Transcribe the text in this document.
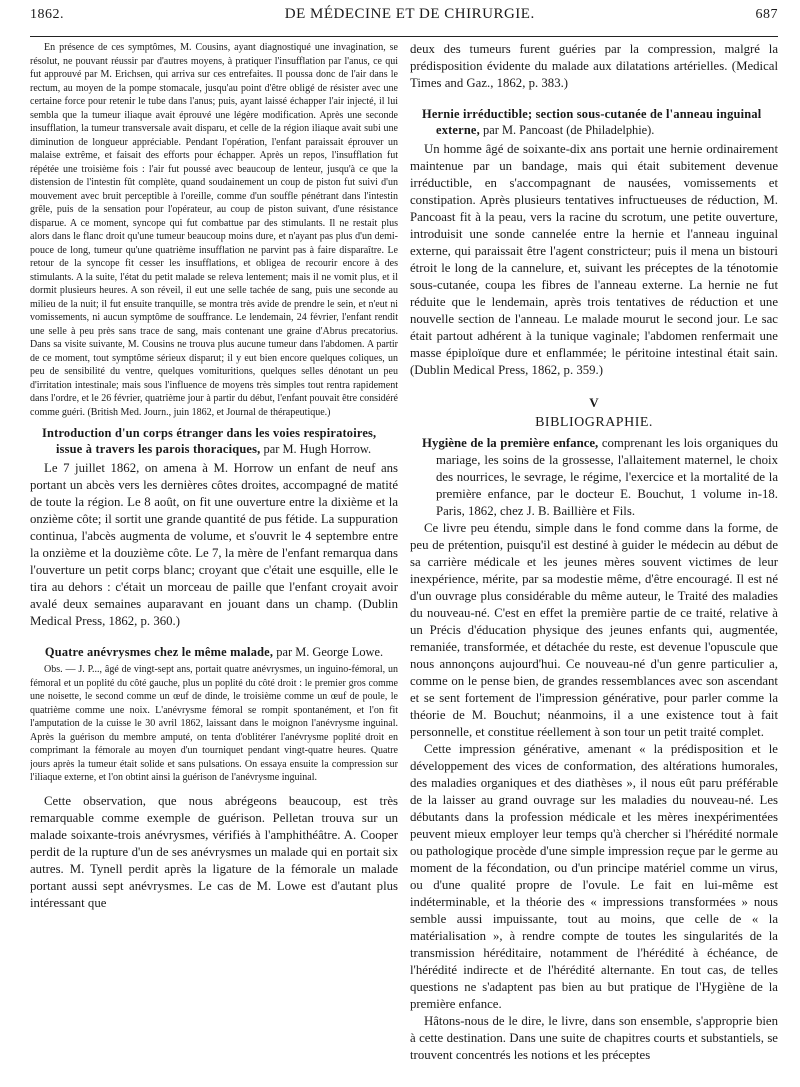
1862.	DE MÉDECINE ET DE CHIRURGIE.	687

En présence de ces symptômes, M. Cousins, ayant diagnostiqué une invagination, se résolut, ne pouvant réussir par d'autres moyens, à pratiquer l'insufflation par l'anus, ce qui fut approuvé par M. Erichsen, qui arriva sur ces entrefaites. Il poussa donc de l'air dans le rectum, au moyen de la pompe stomacale, jusqu'au point d'être obligé de résister avec une certaine force pour retenir le tube dans l'anus; puis, ayant laissé échapper l'air injecté, il lui sembla que la tumeur iliaque avait éprouvé une légère modification. Après une seconde insufflation, la tumeur transversale avait disparu, et celle de la région iliaque avait subi une diminution de longueur appréciable. Pendant l'opération, l'enfant paraissait éprouver un malaise extrême, et faisait des efforts pour échapper. Après un repos, l'insufflation fut répétée une troisième fois : l'air fut poussé avec beaucoup de lenteur, jusqu'à ce que la distension de l'intestin fût complète, quand soudainement un coup de piston fut suivi d'un mouvement avec bruit perceptible à l'oreille, comme d'un souffle pénétrant dans l'intestin grêle, puis de la sensation pour l'opérateur, au coup de piston suivant, d'une résistance disparue. A ce moment, syncope qui fut combattue par des stimulants. Il ne restait plus alors dans le flanc droit qu'une tumeur beaucoup moins dure, et n'ayant pas plus d'un demi-pouce de long, tumeur qu'une quatrième insufflation ne parvint pas à faire disparaître. Le retour de la syncope fit cesser les insufflations, et obligea de recourir encore à des stimulants. A la suite, l'état du petit malade se releva lentement; mais il ne vomit plus, et il dormit plusieurs heures. A son réveil, il eut une selle tachée de sang, puis une seconde au milieu de la nuit; il fut ensuite tranquille, se montra très avide de prendre le sein, et n'eut ni vomissements, ni aucun symptôme de souffrance. Le lendemain, 24 février, l'enfant rendit une selle à peu près sans trace de sang, mais contenant une graine d'Abrus precatorius. Dans sa visite suivante, M. Cousins ne trouva plus aucune tumeur dans l'abdomen. A partir de ce moment, tout symptôme sérieux disparut; il y eut bien encore quelques coliques, un peu de sensibilité du ventre, quelques vomituritions, quelques selles dénotant un peu d'irritation intestinale; mais sous l'influence de moyens très simples tout rentra rapidement dans l'ordre, et le 26 février, quatrième jour à partir du début, l'enfant pouvait être considéré comme guéri. (British Med. Journ., juin 1862, et Journal de thérapeutique.)

Introduction d'un corps étranger dans les voies respiratoires, issue à travers les parois thoraciques, par M. Hugh Horrow.

Le 7 juillet 1862, on amena à M. Horrow un enfant de neuf ans portant un abcès vers les dernières côtes droites, accompagné de matité de toute la région. Le 8 août, on fit une ouverture entre la dixième et la onzième côte; il sortit une grande quantité de pus fétide. La suppuration continua, l'abcès augmenta de volume, et s'ouvrit le 4 septembre entre la onzième et la douzième côte. Le 7, la mère de l'enfant remarqua dans l'ouverture un petit corps blanc; croyant que c'était une esquille, elle le tira au dehors : c'était un morceau de paille que l'enfant croyait avoir avalé deux semaines auparavant en jouant dans un champ. (Dublin Medical Press, 1862, p. 360.)

Quatre anévrysmes chez le même malade, par M. George Lowe.

Obs. — J. P..., âgé de vingt-sept ans, portait quatre anévrysmes, un inguino-fémoral, un fémoral et un poplité du côté gauche, plus un poplité du côté droit : le premier gros comme une noisette, le second comme un œuf de dinde, le troisième comme un œuf de poule, le quatrième comme une noix. L'anévrysme fémoral se rompit spontanément, et l'on fit l'amputation de la cuisse le 30 avril 1862, laissant dans le moignon l'anévrysme inguinal. Après la guérison du membre amputé, on tenta d'oblitérer l'anévrysme poplité droit en comprimant la fémorale au moyen d'un tourniquet pendant vingt-quatre heures. Quatre jours après la tumeur était solide et sans pulsations. On essaya ensuite la compression sur l'iliaque externe, et l'on obtint ainsi la guérison de l'anévrysme inguinal.

Cette observation, que nous abrégeons beaucoup, est très remarquable comme exemple de guérison. Pelletan trouva sur un malade soixante-trois anévrysmes, vérifiés à l'amphithéâtre. A. Cooper perdit de la rupture d'un de ses anévrysmes un malade qui en portait six autres. M. Tynell perdit après la ligature de la fémorale un malade portant aussi sept anévrysmes. Le cas de M. Lowe est d'autant plus intéressant que

deux des tumeurs furent guéries par la compression, malgré la prédisposition évidente du malade aux dilatations artérielles. (Medical Times and Gaz., 1862, p. 383.)

Hernie irréductible; section sous-cutanée de l'anneau inguinal externe, par M. Pancoast (de Philadelphie).

Un homme âgé de soixante-dix ans portait une hernie ordinairement maintenue par un bandage, mais qui était subitement devenue irréductible, en s'accompagnant de nausées, vomissements et constipation. Après plusieurs tentatives infructueuses de réduction, M. Pancoast fit à la peau, vers la racine du scrotum, une petite ouverture, introduisit une sonde cannelée entre la hernie et l'anneau inguinal externe, qui paraissait être l'agent constricteur; puis il mena un bistouri étroit le long de la cannelure, et, suivant les préceptes de la ténotomie sous-cutanée, coupa les fibres de l'anneau externe. La hernie ne fut réduite que le lendemain, après trois tentatives de réduction et une nouvelle section de l'anneau. Le malade mourut le second jour. Le sac était partout adhérent à la tunique vaginale; l'abdomen renfermait une masse épiploïque dure et enflammée; le péritoine intestinal était sain. (Dublin Medical Press, 1862, p. 359.)

V
BIBLIOGRAPHIE.

Hygiène de la première enfance, comprenant les lois organiques du mariage, les soins de la grossesse, l'allaitement maternel, le choix des nourrices, le sevrage, le régime, l'exercice et la mortalité de la première enfance, par le docteur E. Bouchut, 1 volume in-18. Paris, 1862, chez J. B. Baillière et Fils.

Ce livre peu étendu, simple dans le fond comme dans la forme, de peu de prétention, puisqu'il est destiné à guider le médecin au début de sa carrière médicale et les jeunes mères souvent victimes de leur inexpérience, mérite, par sa modestie même, d'être encouragé. Il est né d'un ouvrage plus considérable du même auteur, le Traité des maladies du nouveau-né. C'est en effet la première partie de ce traité, relative à un Précis d'éducation physique des jeunes enfants qui, augmentée, remaniée, transformée, et détachée du reste, est devenue l'opuscule que nous annonçons aujourd'hui. Ce nouveau-né d'un genre particulier a, comme on le pense bien, de grandes ressemblances avec son ascendant et se sent fortement de l'impression générative, pour parler comme la théorie de M. Bouchut; néanmoins, il a une existence tout à fait personnelle, et constitue réellement à son tour un petit traité complet.

Cette impression générative, amenant « la prédisposition et le développement des vices de conformation, des altérations humorales, des maladies organiques et des diathèses », il nous eût paru préférable de la laisser au grand ouvrage sur les maladies du nouveau-né. Les débutants dans la profession médicale et les mères inexpérimentées peuvent mieux employer leur temps qu'à chercher si l'hérédité normale ou pathologique procède d'une simple impression reçue par le germe au moment de la fécondation, ou d'un principe matériel comme un virus, ou d'une qualité propre de l'ovule. Le fait en lui-même est indéterminable, et la théorie des « impressions transformées » nous semble aussi impuissante, tout au moins, que celle de « la matérialisation », à rendre compte de toutes les singularités de la transmission héréditaire, notamment de l'hérédité à échéance, de l'hérédité indirecte et de l'hérédité alternante. En tout cas, de telles questions ne s'adaptent pas bien au but pratique de l'Hygiène de la première enfance.

Hâtons-nous de le dire, le livre, dans son ensemble, s'approprie bien à cette destination. Dans une suite de chapitres courts et substantiels, se trouvent concentrés les notions et les préceptes
